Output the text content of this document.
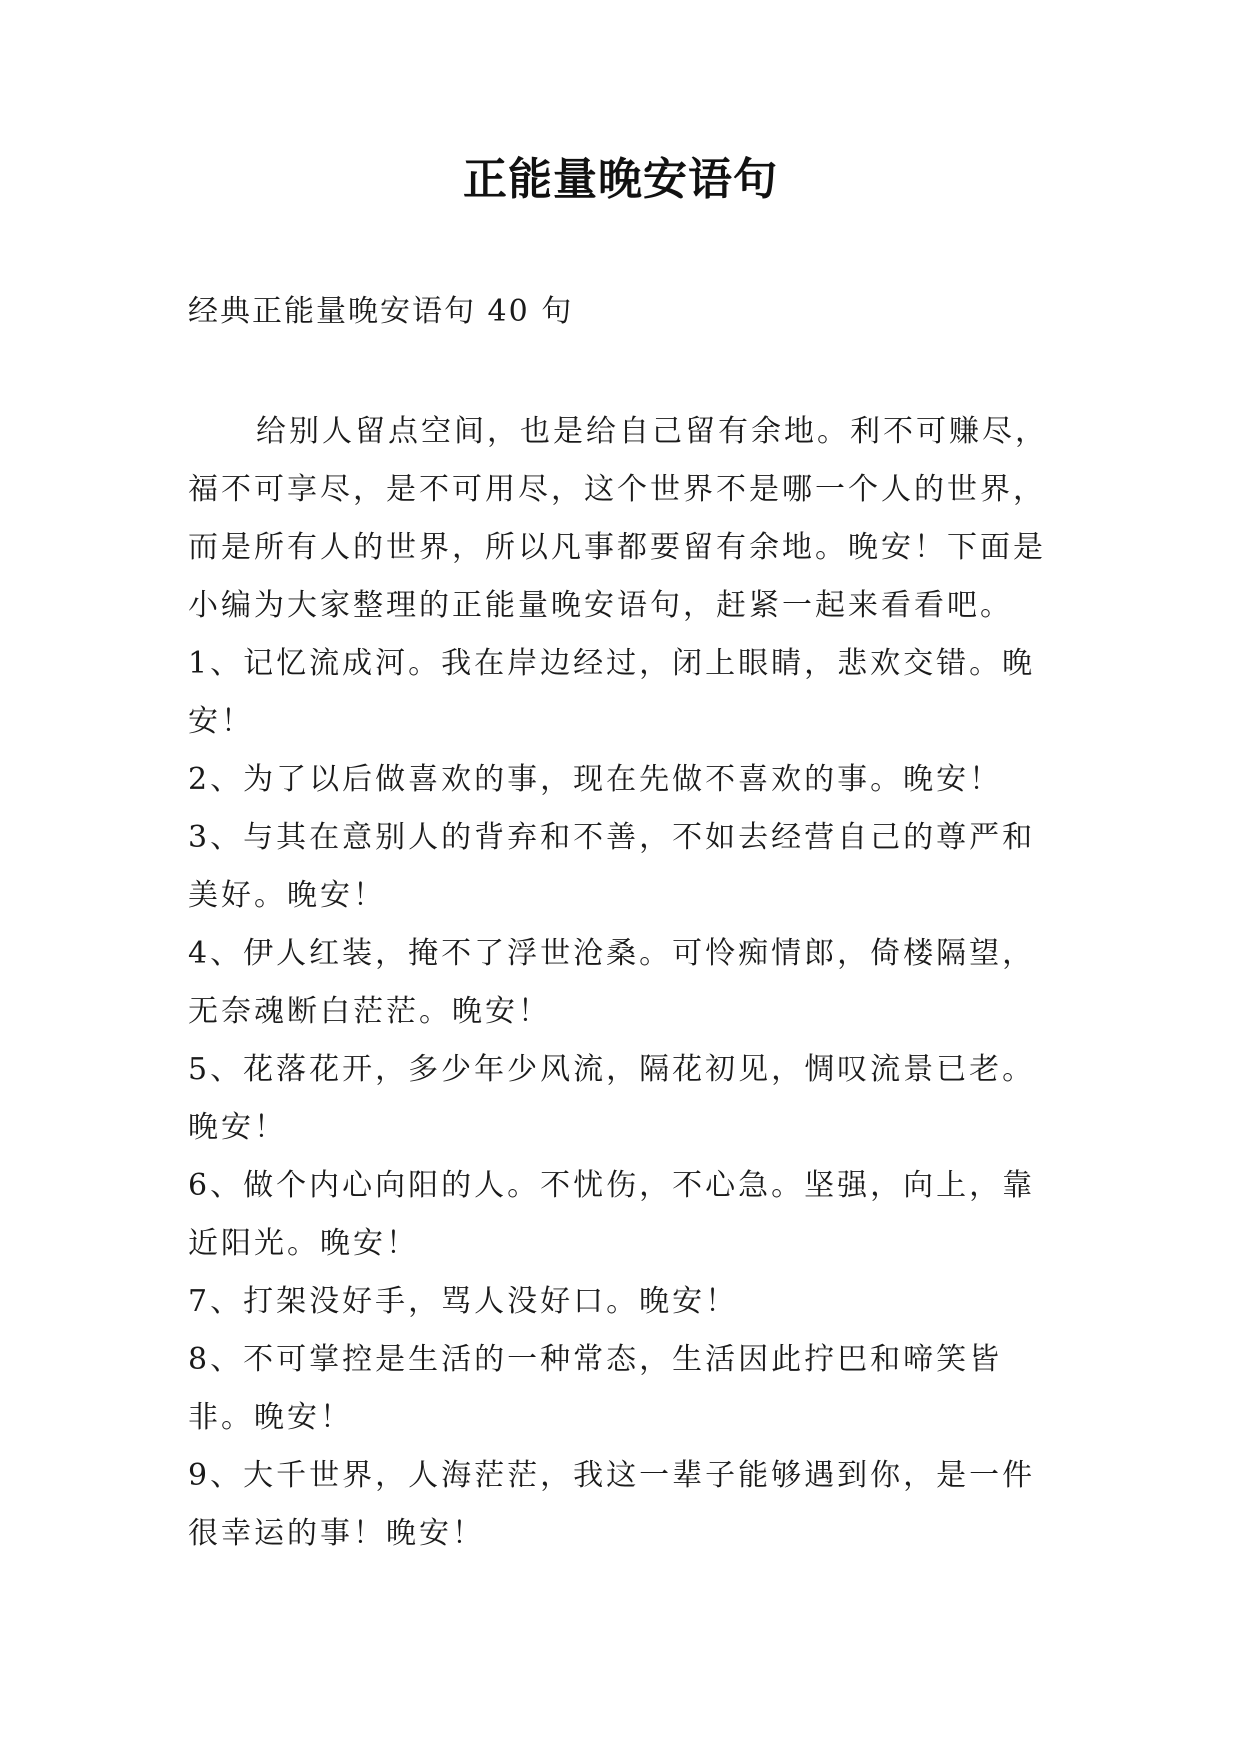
正能量晚安语句
经典正能量晚安语句 40 句

给别人留点空间，也是给自己留有余地。利不可赚尽，福不可享尽，是不可用尽，这个世界不是哪一个人的世界，而是所有人的世界，所以凡事都要留有余地。晚安！下面是小编为大家整理的正能量晚安语句，赶紧一起来看看吧。

1、记忆流成河。我在岸边经过，闭上眼睛，悲欢交错。晚安！

2、为了以后做喜欢的事，现在先做不喜欢的事。晚安！

3、与其在意别人的背弃和不善，不如去经营自己的尊严和美好。晚安！

4、伊人红装，掩不了浮世沧桑。可怜痴情郎，倚楼隔望，无奈魂断白茫茫。晚安！

5、花落花开，多少年少风流，隔花初见，惆叹流景已老。晚安！

6、做个内心向阳的人。不忧伤，不心急。坚强，向上，靠近阳光。晚安！

7、打架没好手，骂人没好口。晚安！

8、不可掌控是生活的一种常态，生活因此拧巴和啼笑皆非。晚安！

9、大千世界，人海茫茫，我这一辈子能够遇到你，是一件很幸运的事！晚安！
